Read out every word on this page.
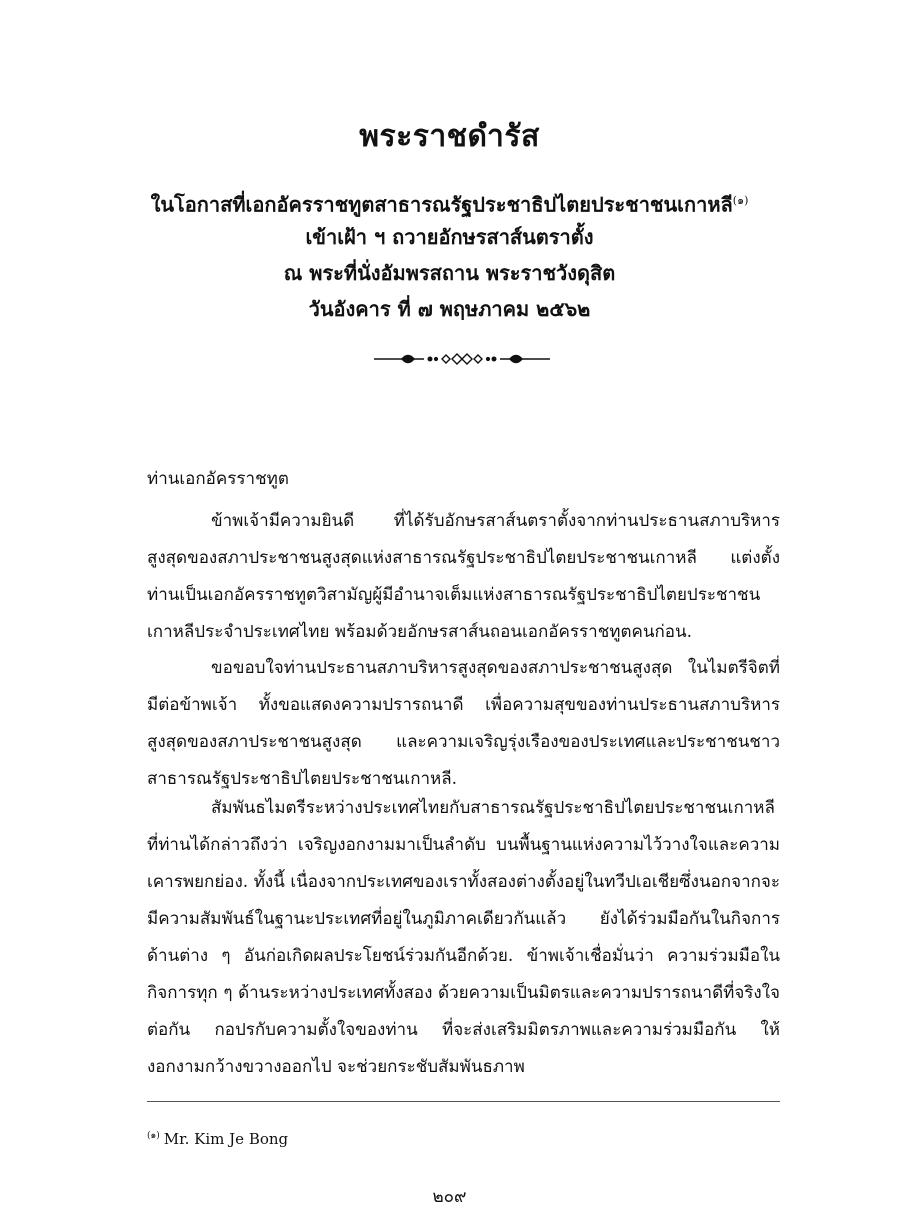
พระราชดำรัส
ในโอกาสที่เอกอัครราชทูตสาธารณรัฐประชาธิปไตยประชาชนเกาหลี$^{(๑)}$
เข้าเฝ้า ฯ ถวายอักษรสาส์นตราตั้ง
ณ พระที่นั่งอัมพรสถาน พระราชวังดุสิต
วันอังคาร ที่ ๗ พฤษภาคม ๒๕๖๒
ท่านเอกอัครราชทูต
ข้าพเจ้ามีความยินดี ที่ได้รับอักษรสาส์นตราตั้งจากท่านประธานสภาบริหารสูงสุดของสภาประชาชนสูงสุดแห่งสาธารณรัฐประชาธิปไตยประชาชนเกาหลี แต่งตั้งท่านเป็นเอกอัครราชทูตวิสามัญผู้มีอำนาจเต็มแห่งสาธารณรัฐประชาธิปไตยประชาชนเกาหลีประจำประเทศไทย พร้อมด้วยอักษรสาส์นถอนเอกอัครราชทูตคนก่อน.
ขอขอบใจท่านประธานสภาบริหารสูงสุดของสภาประชาชนสูงสุด ในไมตรีจิตที่มีต่อข้าพเจ้า ทั้งขอแสดงความปรารถนาดี เพื่อความสุขของท่านประธานสภาบริหารสูงสุดของสภาประชาชนสูงสุด และความเจริญรุ่งเรืองของประเทศและประชาชนชาวสาธารณรัฐประชาธิปไตยประชาชนเกาหลี.
สัมพันธไมตรีระหว่างประเทศไทยกับสาธารณรัฐประชาธิปไตยประชาชนเกาหลีที่ท่านได้กล่าวถึงว่า เจริญงอกงามมาเป็นลำดับ บนพื้นฐานแห่งความไว้วางใจและความเคารพยกย่อง. ทั้งนี้ เนื่องจากประเทศของเราทั้งสองต่างตั้งอยู่ในทวีปเอเชียซึ่งนอกจากจะมีความสัมพันธ์ในฐานะประเทศที่อยู่ในภูมิภาคเดียวกันแล้ว ยังได้ร่วมมือกันในกิจการด้านต่าง ๆ อันก่อเกิดผลประโยชน์ร่วมกันอีกด้วย. ข้าพเจ้าเชื่อมั่นว่า ความร่วมมือในกิจการทุก ๆ ด้านระหว่างประเทศทั้งสอง ด้วยความเป็นมิตรและความปรารถนาดีที่จริงใจต่อกัน กอปรกับความตั้งใจของท่าน ที่จะส่งเสริมมิตรภาพและความร่วมมือกัน ให้งอกงามกว้างขวางออกไป จะช่วยกระชับสัมพันธภาพ
$^{(๑)}$ Mr. Kim Je Bong
๒๐๙
